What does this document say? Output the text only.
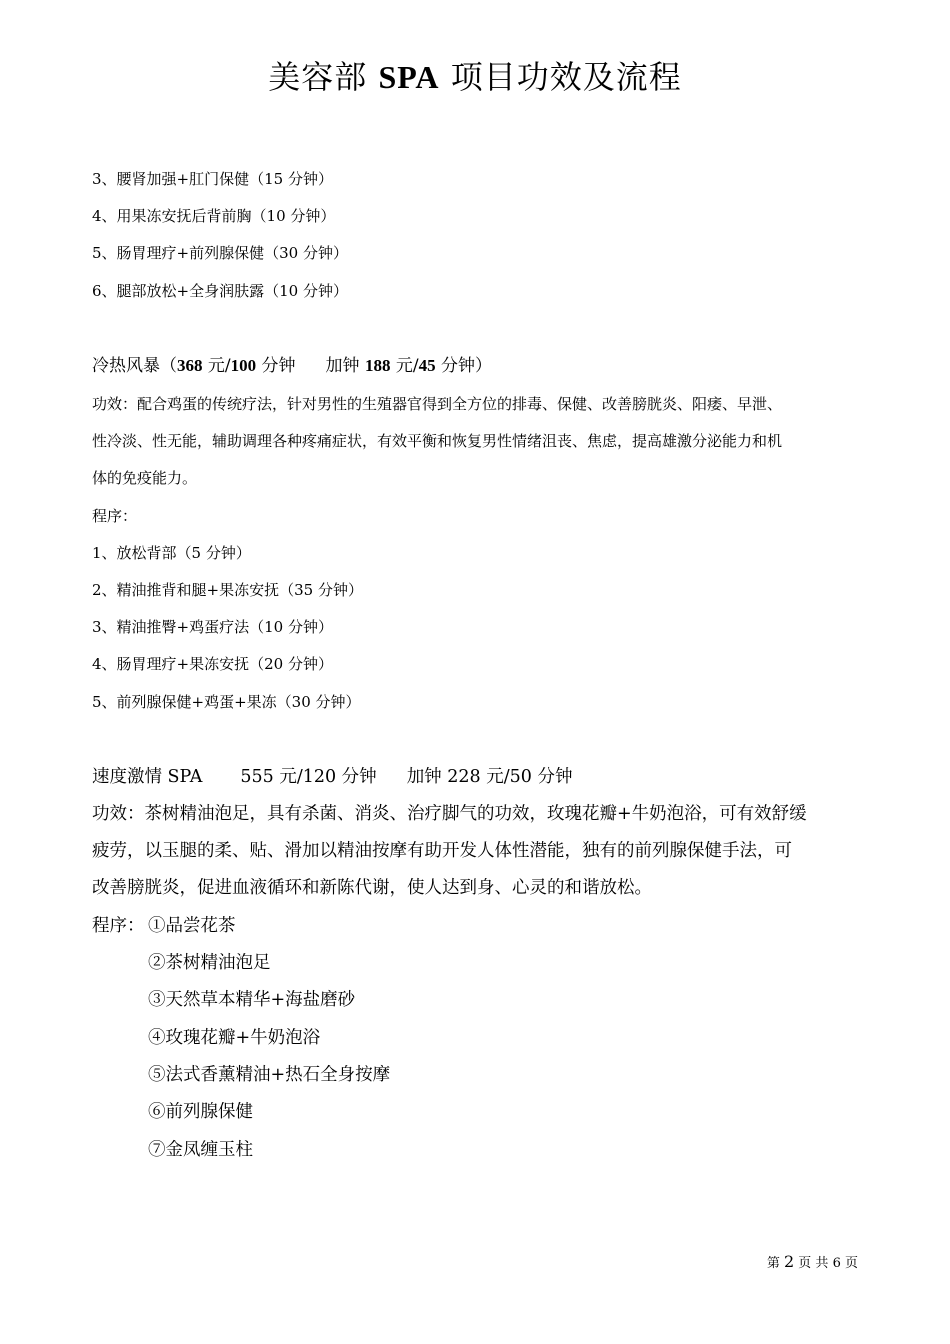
美容部 SPA 项目功效及流程
3、腰肾加强+肛门保健（15 分钟）
4、用果冻安抚后背前胸（10 分钟）
5、肠胃理疗+前列腺保健（30 分钟）
6、腿部放松+全身润肤露（10 分钟）
冷热风暴（368 元/100 分钟 加钟 188 元/45 分钟）
功效：配合鸡蛋的传统疗法，针对男性的生殖器官得到全方位的排毒、保健、改善膀胱炎、阳痿、早泄、
性冷淡、性无能，辅助调理各种疼痛症状，有效平衡和恢复男性情绪沮丧、焦虑，提高雄激分泌能力和机
体的免疫能力。
程序：
1、放松背部（5 分钟）
2、精油推背和腿+果冻安抚（35 分钟）
3、精油推臀+鸡蛋疗法（10 分钟）
4、肠胃理疗+果冻安抚（20 分钟）
5、前列腺保健+鸡蛋+果冻（30 分钟）
速度激情 SPA 555 元/120 分钟 加钟 228 元/50 分钟
功效：茶树精油泡足，具有杀菌、消炎、治疗脚气的功效，玫瑰花瓣+牛奶泡浴，可有效舒缓
疲劳，以玉腿的柔、贴、滑加以精油按摩有助开发人体性潜能，独有的前列腺保健手法，可
改善膀胱炎，促进血液循环和新陈代谢，使人达到身、心灵的和谐放松。
程序： ①品尝花茶
②茶树精油泡足
③天然草本精华+海盐磨砂
④玫瑰花瓣+牛奶泡浴
⑤法式香薰精油+热石全身按摩
⑥前列腺保健
⑦金凤缠玉柱
第 2 页 共 6 页
